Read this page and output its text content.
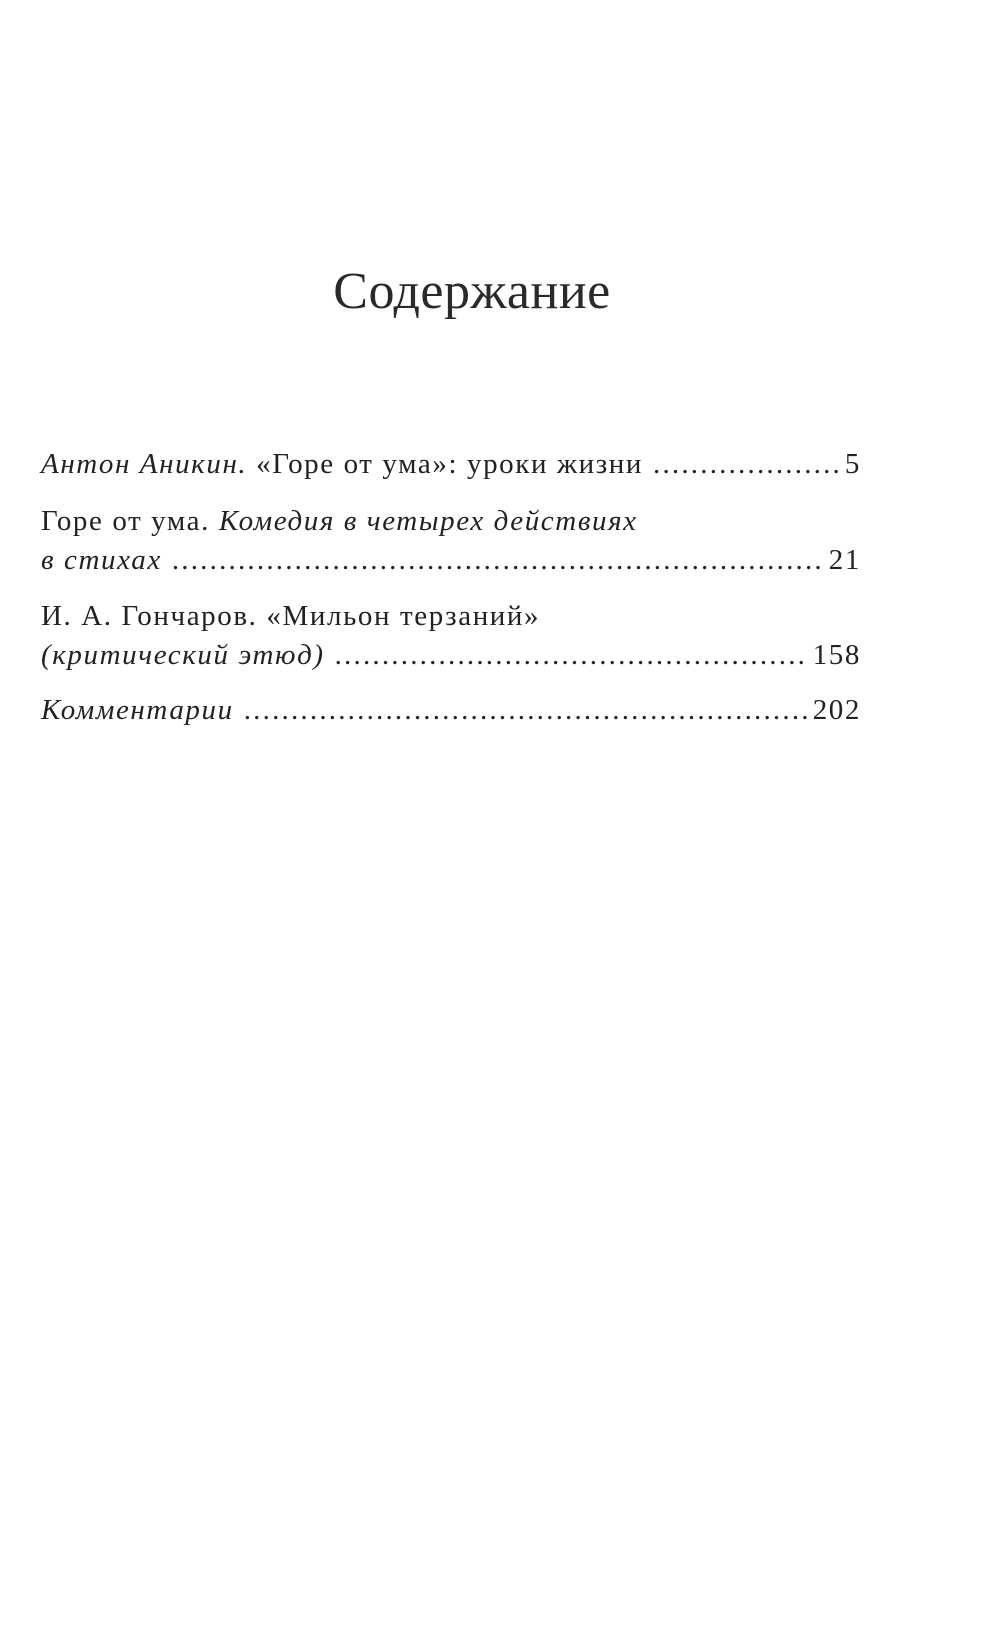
Содержание
Антон Аникин.
«Горе от ума»: уроки жизни .....	5
Горе от ума.
Комедия в четырех действиях
в стихах .....	21
И. А. Гончаров.
«Мильон терзаний»
(критический этюд) .....	158
Комментарии .....	202
